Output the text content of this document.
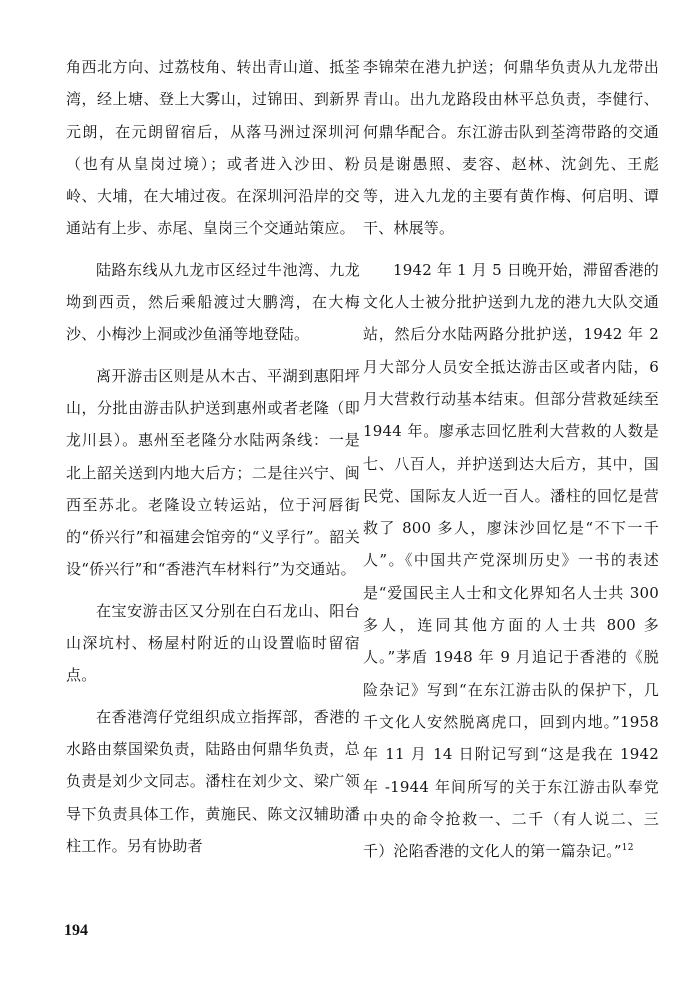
角西北方向、过荔枝角、转出青山道、抵荃湾，经上塘、登上大雾山，过锦田、到新界元朗，在元朗留宿后，从落马洲过深圳河（也有从皇岗过境）；或者进入沙田、粉岭、大埔，在大埔过夜。在深圳河沿岸的交通站有上步、赤尾、皇岗三个交通站策应。

陆路东线从九龙市区经过牛池湾、九龙坳到西贡，然后乘船渡过大鹏湾，在大梅沙、小梅沙上洞或沙鱼涌等地登陆。

离开游击区则是从木古、平湖到惠阳坪山，分批由游击队护送到惠州或者老隆（即龙川县）。惠州至老隆分水陆两条线：一是北上韶关送到内地大后方；二是往兴宁、闽西至苏北。老隆设立转运站，位于河唇街的“侨兴行”和福建会馆旁的“义孚行”。韶关设“侨兴行”和“香港汽车材料行”为交通站。

在宝安游击区又分别在白石龙山、阳台山深坑村、杨屋村附近的山设置临时留宿点。

在香港湾仔党组织成立指挥部，香港的水路由蔡国梁负责，陆路由何鼎华负责，总负责是刘少文同志。潘柱在刘少文、梁广领导下负责具体工作，黄施民、陈文汉辅助潘柱工作。另有协助者

李锦荣在港九护送；何鼎华负责从九龙带出青山。出九龙路段由林平总负责，李健行、何鼎华配合。东江游击队到荃湾带路的交通员是谢愚照、麦容、赵林、沈剑先、王彪等，进入九龙的主要有黄作梅、何启明、谭干、林展等。

1942 年 1 月 5 日晚开始，滞留香港的文化人士被分批护送到九龙的港九大队交通站，然后分水陆两路分批护送，1942 年 2 月大部分人员安全抵达游击区或者内陆，6 月大营救行动基本结束。但部分营救延续至 1944 年。廖承志回忆胜利大营救的人数是七、八百人，并护送到达大后方，其中，国民党、国际友人近一百人。潘柱的回忆是营救了 800 多人，廖沫沙回忆是“不下一千人”。《中国共产党深圳历史》一书的表述是“爱国民主人士和文化界知名人士共 300 多人，连同其他方面的人士共 800 多人。”茅盾 1948 年 9 月追记于香港的《脱险杂记》写到“在东江游击队的保护下，几千文化人安然脱离虎口，回到内地。”1958 年 11 月 14 日附记写到“这是我在 1942 年 -1944 年间所写的关于东江游击队奉党中央的命令抢救一、二千（有人说二、三千）沦陷香港的文化人的第一篇杂记。”$^{12}$

194
